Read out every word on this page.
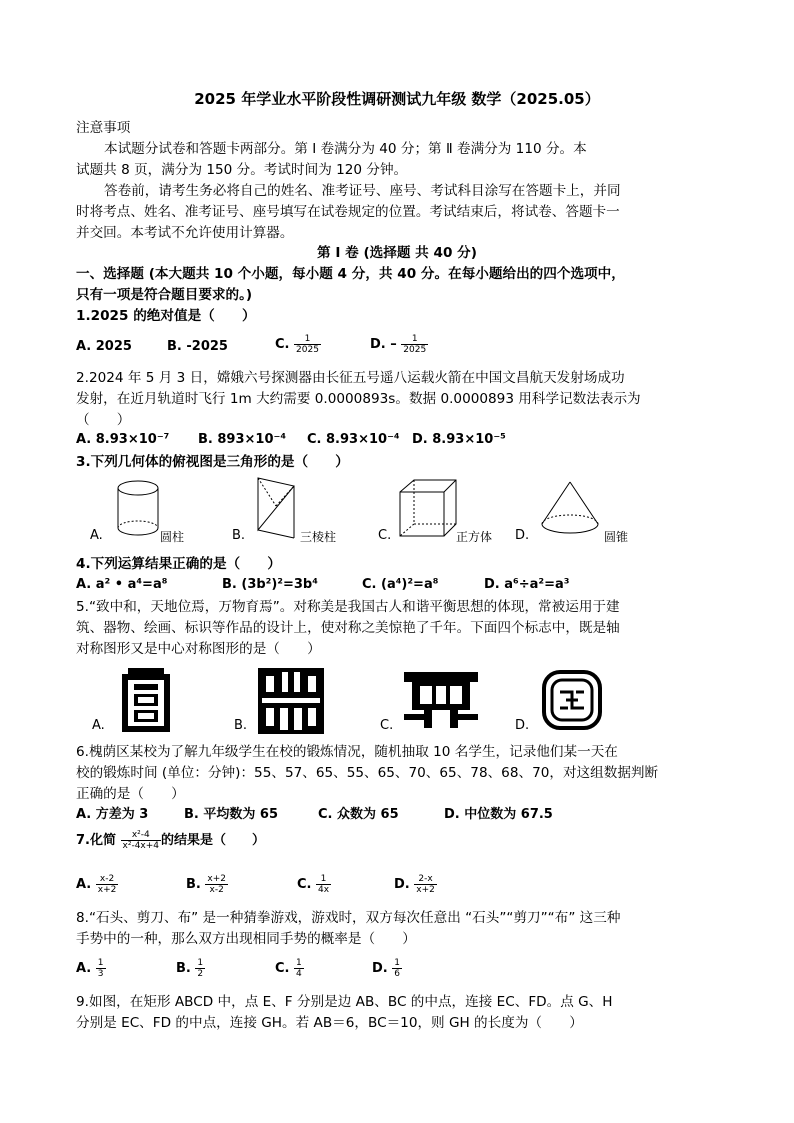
2025 年学业水平阶段性调研测试九年级 数学（2025.05）
注意事项
本试题分试卷和答题卡两部分。第 Ⅰ 卷满分为 40 分；第 Ⅱ 卷满分为 110 分。本
试题共 8 页，满分为 150 分。考试时间为 120 分钟。
答卷前，请考生务必将自己的姓名、准考证号、座号、考试科目涂写在答题卡上，并同
时将考点、姓名、准考证号、座号填写在试卷规定的位置。考试结束后，将试卷、答题卡一
并交回。本考试不允许使用计算器。
第 Ⅰ 卷 (选择题 共 40 分)
一、选择题 (本大题共 10 个小题，每小题 4 分，共 40 分。在每小题给出的四个选项中，
只有一项是符合题目要求的。)
1.2025 的绝对值是（　　）
A. 2025	B. -2025	C. $\frac{1}{2025}$	D. – $\frac{1}{2025}$
2.2024 年 5 月 3 日，嫦娥六号探测器由长征五号遥八运载火箭在中国文昌航天发射场成功
发射，在近月轨道时飞行 1m 大约需要 0.0000893s。数据 0.0000893 用科学记数法表示为
（　　）
A. 8.93×10⁻⁷ B. 893×10⁻⁴ C. 8.93×10⁻⁴ D. 8.93×10⁻⁵
3.下列几何体的俯视图是三角形的是（　　）
A.	圆柱	B.	三棱柱	C.	正方体 D.	圆锥
4.下列运算结果正确的是（　　）
A. a² • a⁴=a⁸	B. (3b²)²=3b⁴	C. (a⁴)²=a⁸	D. a⁶÷a²=a³
5.“致中和，天地位焉，万物育焉”。对称美是我国古人和谐平衡思想的体现，常被运用于建
筑、器物、绘画、标识等作品的设计上，使对称之美惊艳了千年。下面四个标志中，既是轴
对称图形又是中心对称图形的是（　　）
A.	B.	C.	D.
6.槐荫区某校为了解九年级学生在校的锻炼情况，随机抽取 10 名学生，记录他们某一天在
校的锻炼时间 (单位：分钟)：55、57、65、55、65、70、65、78、68、70，对这组数据判断
正确的是（　　）
A. 方差为 3	B. 平均数为 65	C. 众数为 65	D. 中位数为 67.5
7.化简 $\frac{\text{x²-4}}{\text{x²-4x+4}}$ 的结果是（　　）
A. $\frac{x-2}{x+2}$	B. $\frac{x+2}{x-2}$	C. $\frac{1}{4x}$	D. $\frac{2-x}{x+2}$
8.“石头、剪刀、布” 是一种猜拳游戏，游戏时，双方每次任意出 “石头”“剪刀”“布” 这三种
手势中的一种，那么双方出现相同手势的概率是（　　）
A. $\frac{1}{3}$	B. $\frac{1}{2}$	C. $\frac{1}{4}$	D. $\frac{1}{6}$
9.如图，在矩形 ABCD 中，点 E、F 分别是边 AB、BC 的中点，连接 EC、FD。点 G、H
分别是 EC、FD 的中点，连接 GH。若 AB＝6，BC＝10，则 GH 的长度为（　　）
